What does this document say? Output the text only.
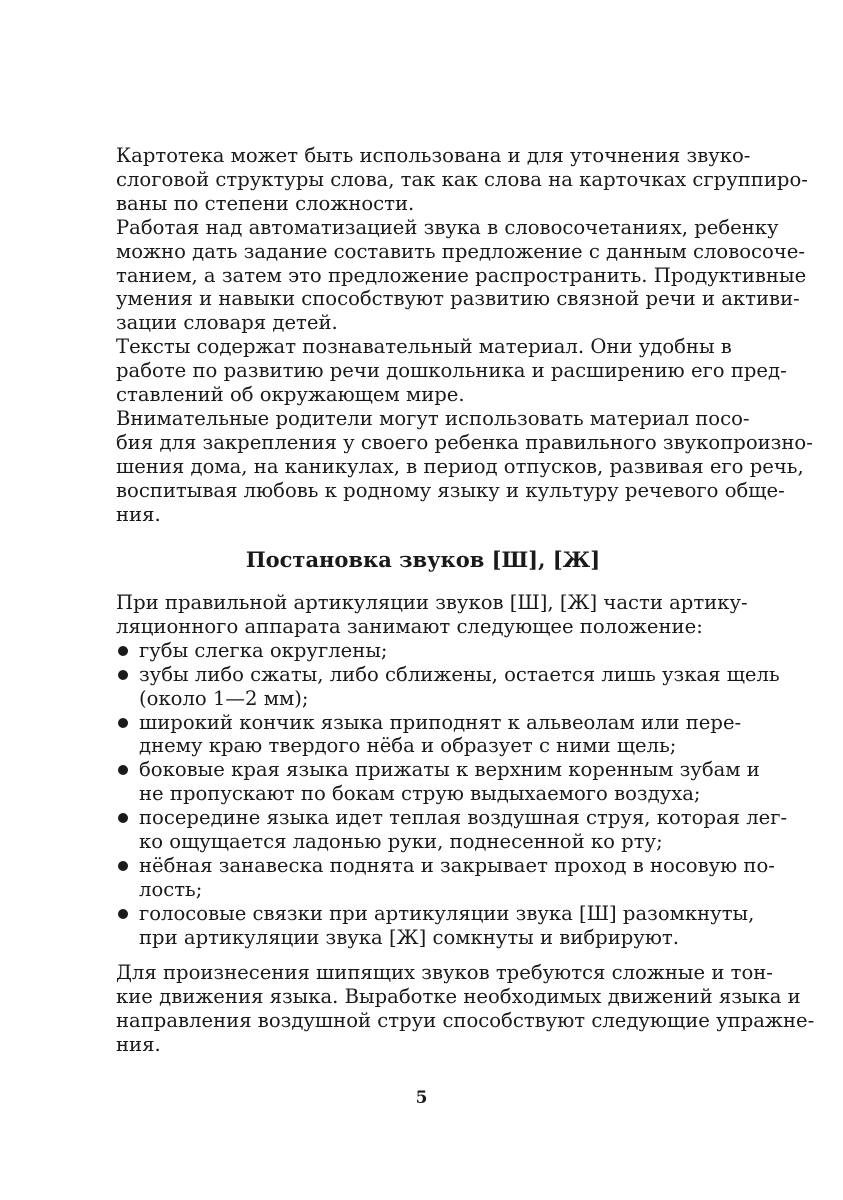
Картотека может быть использована и для уточнения звуко-
слоговой структуры слова, так как слова на карточках сгруппиро-
ваны по степени сложности.

Работая над автоматизацией звука в словосочетаниях, ребенку
можно дать задание составить предложение с данным словосоче-
танием, а затем это предложение распространить. Продуктивные
умения и навыки способствуют развитию связной речи и активи-
зации словаря детей.

Тексты содержат познавательный материал. Они удобны в
работе по развитию речи дошкольника и расширению его пред-
ставлений об окружающем мире.

Внимательные родители могут использовать материал посо-
бия для закрепления у своего ребенка правильного звукопроизно-
шения дома, на каникулах, в период отпусков, развивая его речь,
воспитывая любовь к родному языку и культуру речевого обще-
ния.

Постановка звуков [Ш], [Ж]
При правильной артикуляции звуков [Ш], [Ж] части артику-
ляционного аппарата занимают следующее положение:
губы слегка округлены;
зубы либо сжаты, либо сближены, остается лишь узкая щель
(около 1—2 мм);
широкий кончик языка приподнят к альвеолам или пере-
днему краю твердого нёба и образует с ними щель;
боковые края языка прижаты к верхним коренным зубам и
не пропускают по бокам струю выдыхаемого воздуха;
посередине языка идет теплая воздушная струя, которая лег-
ко ощущается ладонью руки, поднесенной ко рту;
нёбная занавеска поднята и закрывает проход в носовую по-
лость;
голосовые связки при артикуляции звука [Ш] разомкнуты,
при артикуляции звука [Ж] сомкнуты и вибрируют.
Для произнесения шипящих звуков требуются сложные и тон-
кие движения языка. Выработке необходимых движений языка и
направления воздушной струи способствуют следующие упражне-
ния.
5
